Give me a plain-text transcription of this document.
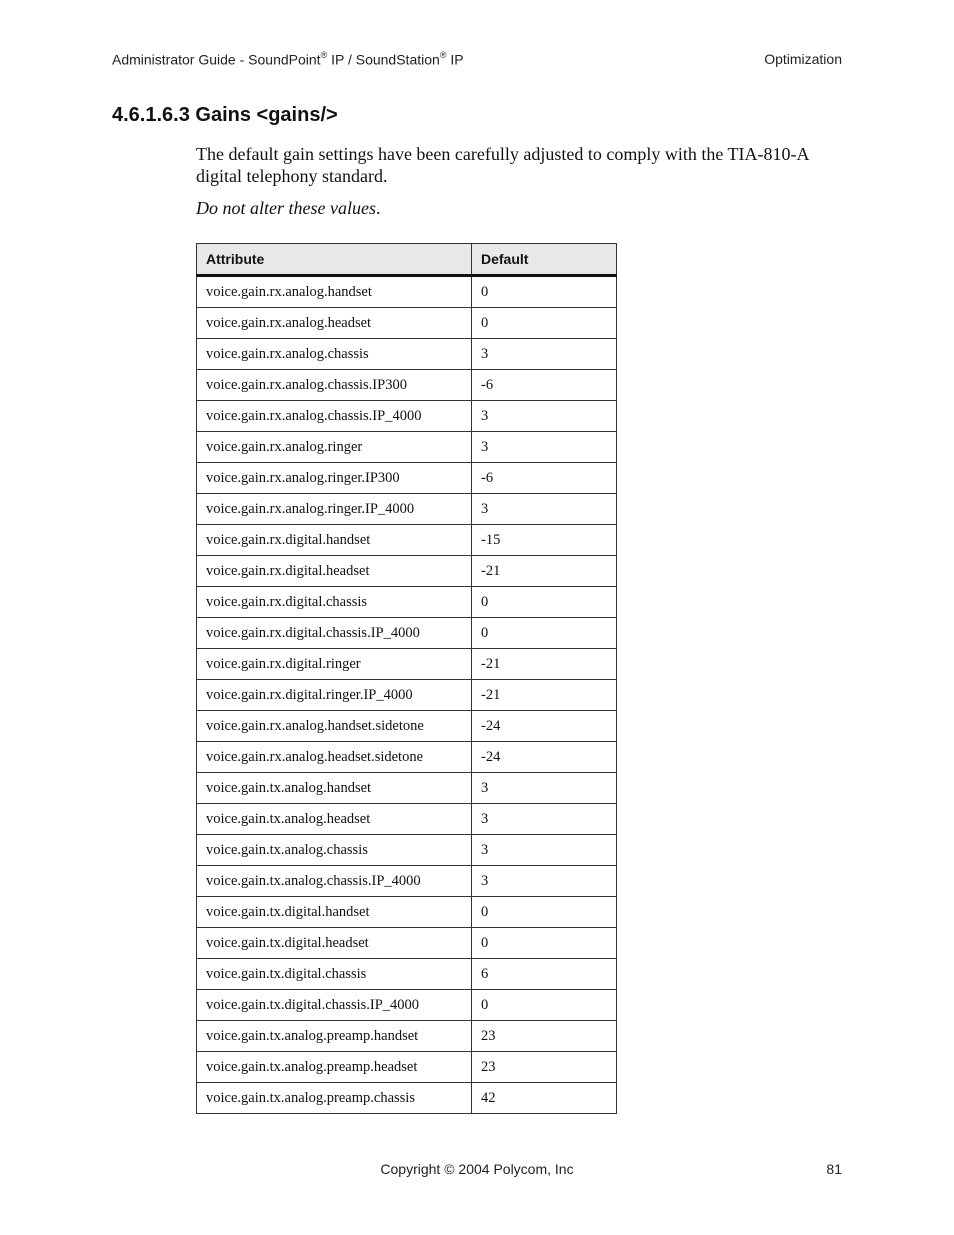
Administrator Guide - SoundPoint® IP / SoundStation® IP	Optimization
4.6.1.6.3 Gains <gains/>

The default gain settings have been carefully adjusted to comply with the TIA-810-A digital telephony standard.

Do not alter these values.

Attribute	Default
voice.gain.rx.analog.handset	0
voice.gain.rx.analog.headset	0
voice.gain.rx.analog.chassis	3
voice.gain.rx.analog.chassis.IP300	-6
voice.gain.rx.analog.chassis.IP_4000	3
voice.gain.rx.analog.ringer	3
voice.gain.rx.analog.ringer.IP300	-6
voice.gain.rx.analog.ringer.IP_4000	3
voice.gain.rx.digital.handset	-15
voice.gain.rx.digital.headset	-21
voice.gain.rx.digital.chassis	0
voice.gain.rx.digital.chassis.IP_4000	0
voice.gain.rx.digital.ringer	-21
voice.gain.rx.digital.ringer.IP_4000	-21
voice.gain.rx.analog.handset.sidetone	-24
voice.gain.rx.analog.headset.sidetone	-24
voice.gain.tx.analog.handset	3
voice.gain.tx.analog.headset	3
voice.gain.tx.analog.chassis	3
voice.gain.tx.analog.chassis.IP_4000	3
voice.gain.tx.digital.handset	0
voice.gain.tx.digital.headset	0
voice.gain.tx.digital.chassis	6
voice.gain.tx.digital.chassis.IP_4000	0
voice.gain.tx.analog.preamp.handset	23
voice.gain.tx.analog.preamp.headset	23
voice.gain.tx.analog.preamp.chassis	42
Copyright © 2004 Polycom, Inc	81
